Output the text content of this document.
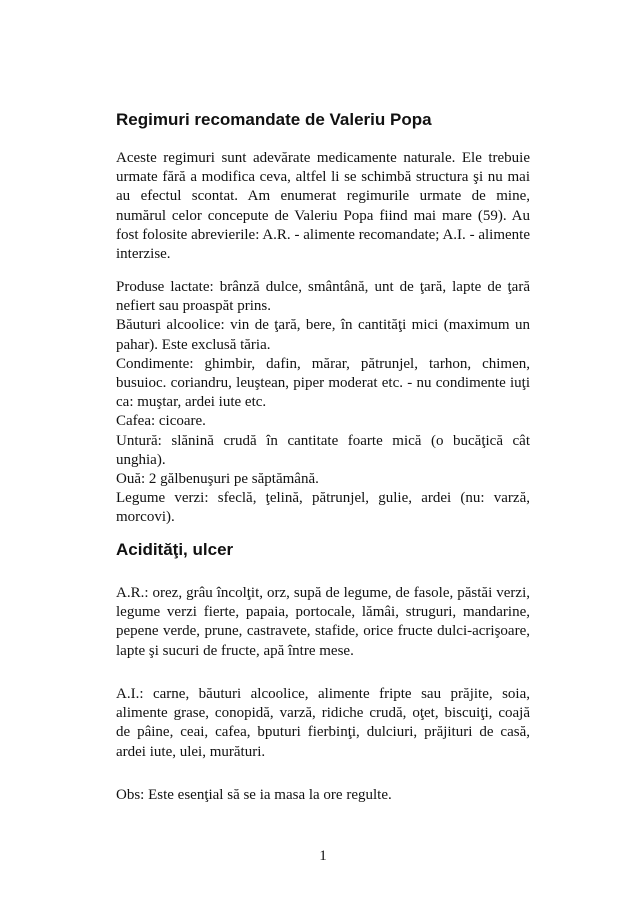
Regimuri recomandate de Valeriu Popa

Aceste regimuri sunt adevărate medicamente naturale. Ele trebuie urmate fără a modifica ceva, altfel li se schimbă structura şi nu mai au efectul scontat. Am enumerat regimurile urmate de mine, numărul celor concepute de Valeriu Popa fiind mai mare (59). Au fost folosite abrevierile: A.R. - alimente recomandate; A.I. - alimente interzise.

Produse lactate: brânză dulce, smântână, unt de ţară, lapte de ţară nefiert sau proaspăt prins.
Băuturi alcoolice: vin de ţară, bere, în cantităţi mici (maximum un pahar). Este exclusă tăria.
Condimente: ghimbir, dafin, mărar, pătrunjel, tarhon, chimen, busuioc. coriandru, leuştean, piper moderat etc. - nu condimente iuţi ca: muştar, ardei iute etc.
Cafea: cicoare.
Untură: slănină crudă în cantitate foarte mică (o bucăţică cât unghia).
Ouă: 2 gălbenuşuri pe săptămână.
Legume verzi: sfeclă, ţelină, pătrunjel, gulie, ardei (nu: varză, morcovi).
Acidităţi, ulcer

A.R.: orez, grâu încolţit, orz, supă de legume, de fasole, păstăi verzi, legume verzi fierte, papaia, portocale, lămâi, struguri, mandarine, pepene verde, prune, castravete, stafide, orice fructe dulci-acrişoare, lapte şi sucuri de fructe, apă între mese.

A.I.: carne, băuturi alcoolice, alimente fripte sau prăjite, soia, alimente grase, conopidă, varză, ridiche crudă, oţet, biscuiţi, coajă de pâine, ceai, cafea, bputuri fierbinţi, dulciuri, prăjituri de casă, ardei iute, ulei, murături.

Obs: Este esenţial să se ia masa la ore regulte.

1
